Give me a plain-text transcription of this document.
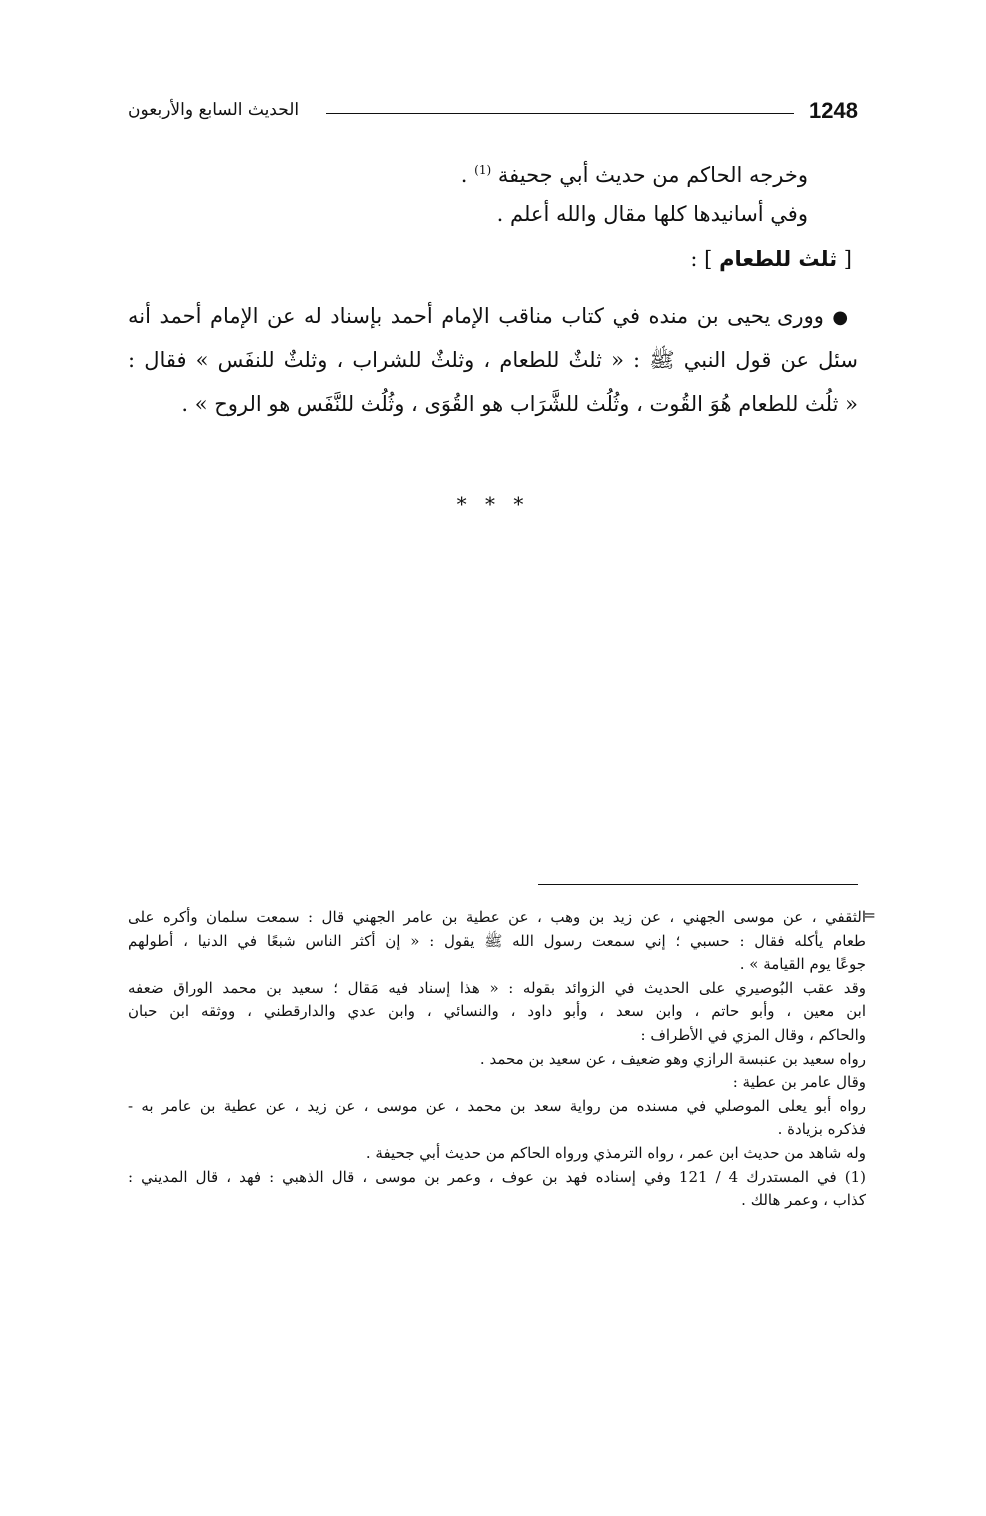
الحديث السابع والأربعون	1248
وخرجه الحاكم من حديث أبي جحيفة $^{(1)}$ .
وفي أسانيدها كلها مقال والله أعلم .
[ ثلث للطعام ] :
● وورى يحيى بن منده في كتاب مناقب الإمام أحمد بإسناد له عن الإمام أحمد أنه
سئل عن قول النبي ﷺ : « ثلثٌ للطعام ، وثلثٌ للشراب ، وثلثٌ للنفَس » فقال :
« ثلُث للطعام هُوَ القُوت ، وثُلُث للشَّرَاب هو القُوَى ، وثُلُث للنَّفَس هو الروح » .
* * *
=
الثقفي ، عن موسى الجهني ، عن زيد بن وهب ، عن عطية بن عامر الجهني قال : سمعت سلمان وأكره على
طعام يأكله فقال : حسبي ؛ إني سمعت رسول الله ﷺ يقول : « إن أكثر الناس شبعًا في الدنيا ، أطولهم
جوعًا يوم القيامة » .
وقد عقب البُوصيري على الحديث في الزوائد بقوله : « هذا إسناد فيه مَقال ؛ سعيد بن محمد الوراق ضعفه
ابن معين ، وأبو حاتم ، وابن سعد ، وأبو داود ، والنسائي ، وابن عدي والدارقطني ، ووثقه ابن حبان
والحاكم ، وقال المزي في الأطراف :
رواه سعيد بن عنبسة الرازي وهو ضعيف ، عن سعيد بن محمد .
وقال عامر بن عطية :
رواه أبو يعلى الموصلي في مسنده من رواية سعد بن محمد ، عن موسى ، عن زيد ، عن عطية بن عامر به -
فذكره بزيادة .
وله شاهد من حديث ابن عمر ، رواه الترمذي ورواه الحاكم من حديث أبي جحيفة .
(1) في المستدرك 4 / 121 وفي إسناده فهد بن عوف ، وعمر بن موسى ، قال الذهبي : فهد ، قال المديني :
كذاب ، وعمر هالك .
